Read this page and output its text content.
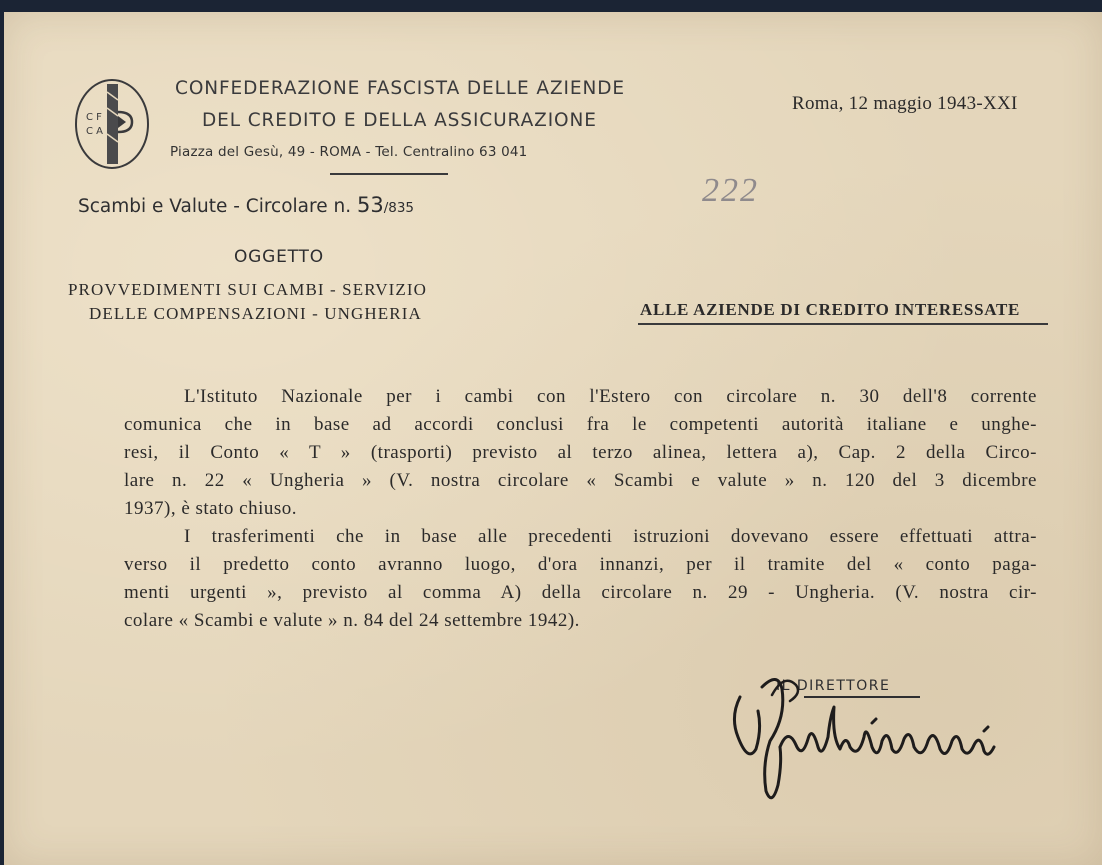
C F
C A
CONFEDERAZIONE FASCISTA DELLE AZIENDE
DEL CREDITO E DELLA ASSICURAZIONE
Piazza del Gesù, 49 - ROMA - Tel. Centralino 63 041
Roma, 12 maggio 1943-XXI
222
Scambi e Valute - Circolare n. 53/835
OGGETTO
PROVVEDIMENTI SUI CAMBI - SERVIZIO
DELLE COMPENSAZIONI - UNGHERIA	ALLE AZIENDE DI CREDITO INTERESSATE
L'Istituto Nazionale per i cambi con l'Estero con circolare n. 30 dell'8 corrente
comunica che in base ad accordi conclusi fra le competenti autorità italiane e unghe-
resi, il Conto « T » (trasporti) previsto al terzo alinea, lettera a), Cap. 2 della Circo-
lare n. 22 « Ungheria » (V. nostra circolare « Scambi e valute » n. 120 del 3 dicembre
1937), è stato chiuso.
I trasferimenti che in base alle precedenti istruzioni dovevano essere effettuati attra-
verso il predetto conto avranno luogo, d'ora innanzi, per il tramite del « conto paga-
menti urgenti », previsto al comma A) della circolare n. 29 - Ungheria. (V. nostra cir-
colare « Scambi e valute » n. 84 del 24 settembre 1942).
IL DIRETTORE
